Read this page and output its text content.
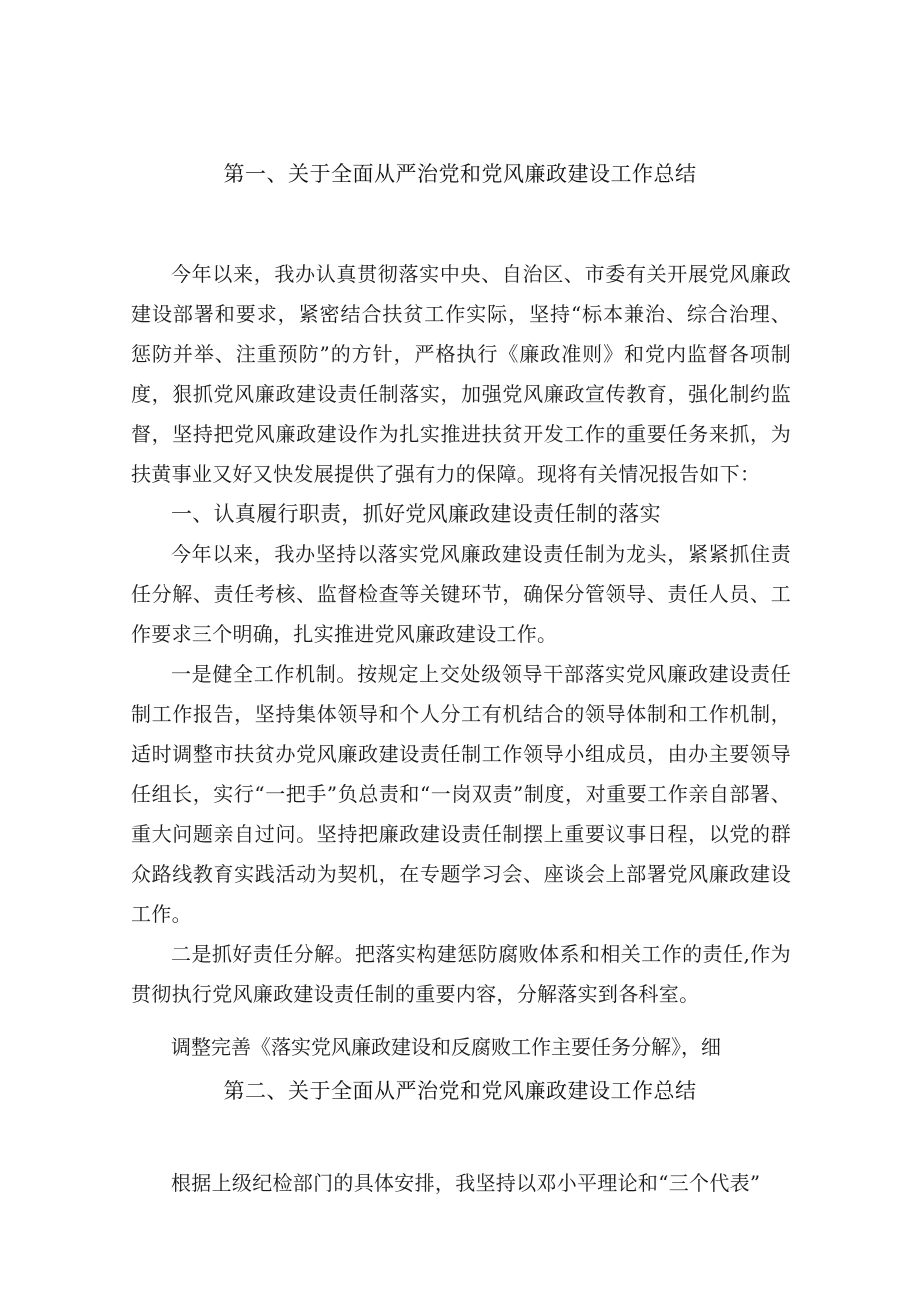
第一、关于全面从严治党和党风廉政建设工作总结

今年以来，我办认真贯彻落实中央、自治区、市委有关开展党风廉政建设部署和要求，紧密结合扶贫工作实际，坚持“标本兼治、综合治理、惩防并举、注重预防”的方针，严格执行《廉政准则》和党内监督各项制度，狠抓党风廉政建设责任制落实，加强党风廉政宣传教育，强化制约监督，坚持把党风廉政建设作为扎实推进扶贫开发工作的重要任务来抓，为扶黄事业又好又快发展提供了强有力的保障。现将有关情况报告如下：

一、认真履行职责，抓好党风廉政建设责任制的落实

今年以来，我办坚持以落实党风廉政建设责任制为龙头，紧紧抓住责任分解、责任考核、监督检查等关键环节，确保分管领导、责任人员、工作要求三个明确，扎实推进党风廉政建设工作。

一是健全工作机制。按规定上交处级领导干部落实党风廉政建设责任制工作报告，坚持集体领导和个人分工有机结合的领导体制和工作机制，适时调整市扶贫办党风廉政建设责任制工作领导小组成员，由办主要领导任组长，实行“一把手”负总责和“一岗双责”制度，对重要工作亲自部署、重大问题亲自过问。坚持把廉政建设责任制摆上重要议事日程，以党的群众路线教育实践活动为契机，在专题学习会、座谈会上部署党风廉政建设工作。

二是抓好责任分解。把落实构建惩防腐败体系和相关工作的责任,作为贯彻执行党风廉政建设责任制的重要内容，分解落实到各科室。

调整完善《落实党风廉政建设和反腐败工作主要任务分解》，细

第二、关于全面从严治党和党风廉政建设工作总结

根据上级纪检部门的具体安排，我坚持以邓小平理论和“三个代表”
